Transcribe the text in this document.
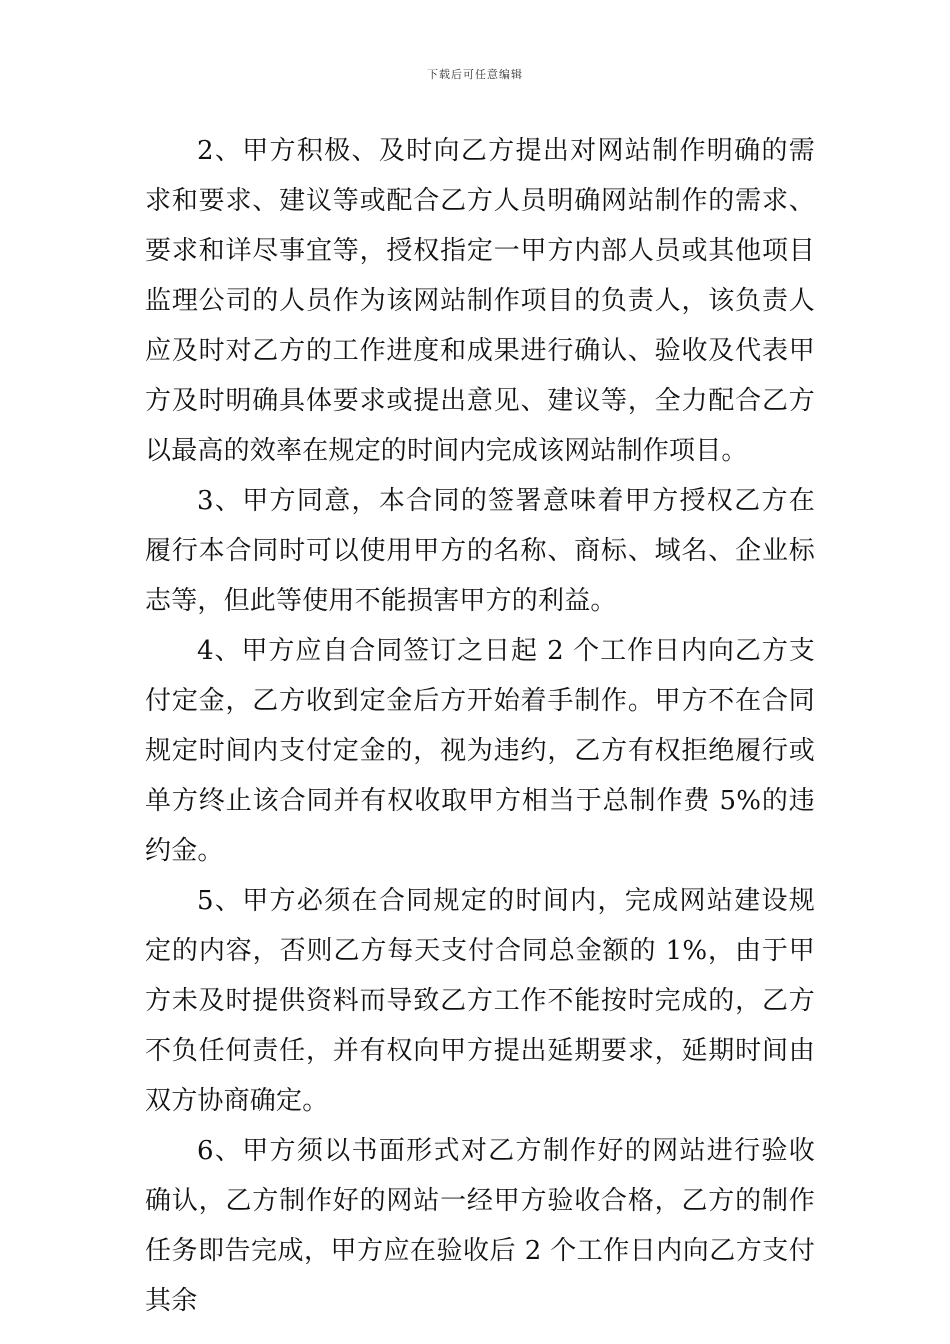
下载后可任意编辑

2、甲方积极、及时向乙方提出对网站制作明确的需求和要求、建议等或配合乙方人员明确网站制作的需求、要求和详尽事宜等，授权指定一甲方内部人员或其他项目监理公司的人员作为该网站制作项目的负责人，该负责人应及时对乙方的工作进度和成果进行确认、验收及代表甲方及时明确具体要求或提出意见、建议等，全力配合乙方以最高的效率在规定的时间内完成该网站制作项目。

3、甲方同意，本合同的签署意味着甲方授权乙方在履行本合同时可以使用甲方的名称、商标、域名、企业标志等，但此等使用不能损害甲方的利益。

4、甲方应自合同签订之日起 2 个工作日内向乙方支付定金，乙方收到定金后方开始着手制作。甲方不在合同规定时间内支付定金的，视为违约，乙方有权拒绝履行或单方终止该合同并有权收取甲方相当于总制作费 5%的违约金。

5、甲方必须在合同规定的时间内，完成网站建设规定的内容，否则乙方每天支付合同总金额的 1%，由于甲方未及时提供资料而导致乙方工作不能按时完成的，乙方不负任何责任，并有权向甲方提出延期要求，延期时间由双方协商确定。

6、甲方须以书面形式对乙方制作好的网站进行验收确认，乙方制作好的网站一经甲方验收合格，乙方的制作任务即告完成，甲方应在验收后 2 个工作日内向乙方支付其余
